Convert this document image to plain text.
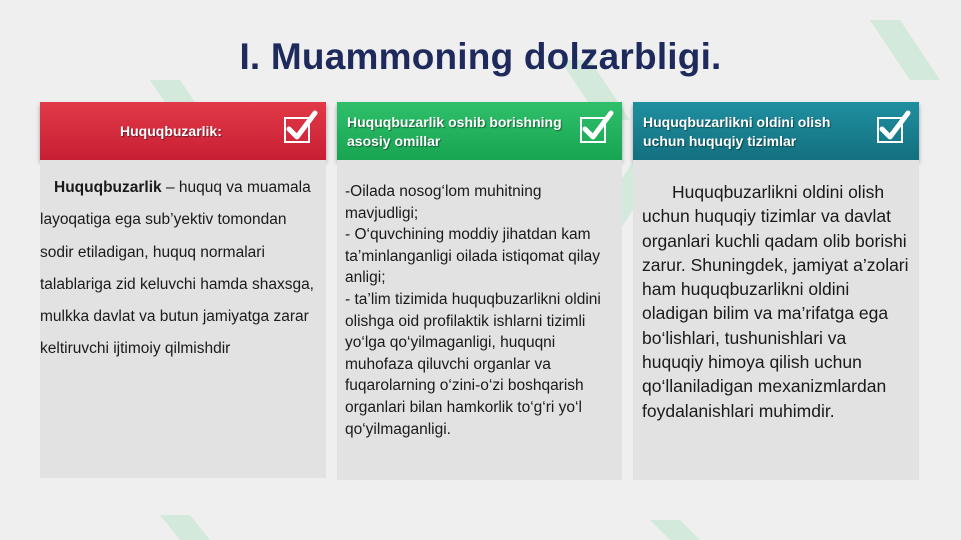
I. Muammoning dolzarbligi.
Huquqbuzarlik:
Huquqbuzarlik – huquq va muamala layoqatiga ega sub’yektiv tomondan sodir etiladigan, huquq normalari talablariga zid keluvchi hamda shaxsga, mulkka davlat va butun jamiyatga zarar keltiruvchi ijtimoiy qilmishdir
Huquqbuzarlik oshib borishning
asosiy omillar
-Oilada nosog‘lom muhitning mavjudligi;
- O‘quvchining moddiy jihatdan kam ta’minlanganligi oilada istiqomat qilay anligi;
- ta’lim tizimida huquqbuzarlikni oldini olishga oid profilaktik ishlarni tizimli yo‘lga qo‘yilmaganligi, huquqni muhofaza qiluvchi organlar va fuqarolarning o‘zini-o‘zi boshqarish organlari bilan hamkorlik to‘g‘ri yo‘l qo‘yilmaganligi.
Huquqbuzarlikni oldini olish
uchun huquqiy tizimlar
Huquqbuzarlikni oldini olish uchun huquqiy tizimlar va davlat organlari kuchli qadam olib borishi zarur. Shuningdek, jamiyat a’zolari ham huquqbuzarlikni oldini oladigan bilim va ma’rifatga ega bo‘lishlari, tushunishlari va huquqiy himoya qilish uchun qo‘llaniladigan mexanizmlardan foydalanishlari muhimdir.
